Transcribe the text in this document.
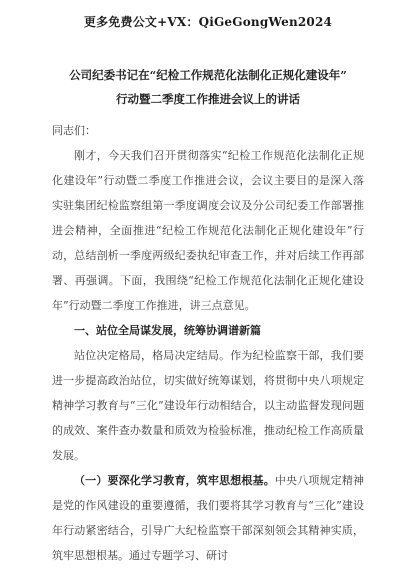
更多免费公文+VX：QiGeGongWen2024
公司纪委书记在“纪检工作规范化法制化正规化建设年”
行动暨二季度工作推进会议上的讲话
同志们：

刚才，今天我们召开贯彻落实“纪检工作规范化法制化正规化建设年”行动暨二季度工作推进会议，会议主要目的是深入落实驻集团纪检监察组第一季度调度会议及分公司纪委工作部署推进会精神，全面推进“纪检工作规范化法制化正规化建设年”行动，总结剖析一季度两级纪委执纪审查工作，并对后续工作再部署、再强调。下面，我围绕“纪检工作规范化法制化正规化建设年”行动暨二季度工作推进，讲三点意见。

一、站位全局谋发展，统筹协调谱新篇

站位决定格局，格局决定结局。作为纪检监察干部，我们要进一步提高政治站位，切实做好统筹谋划，将贯彻中央八项规定精神学习教育与“三化”建设年行动相结合，以主动监督发现问题的成效、案件查办数量和质效为检验标准，推动纪检工作高质量发展。

（一）要深化学习教育，筑牢思想根基。中央八项规定精神是党的作风建设的重要遵循，我们要将其学习教育与“三化”建设年行动紧密结合，引导广大纪检监察干部深刻领会其精神实质，筑牢思想根基。通过专题学习、研讨
